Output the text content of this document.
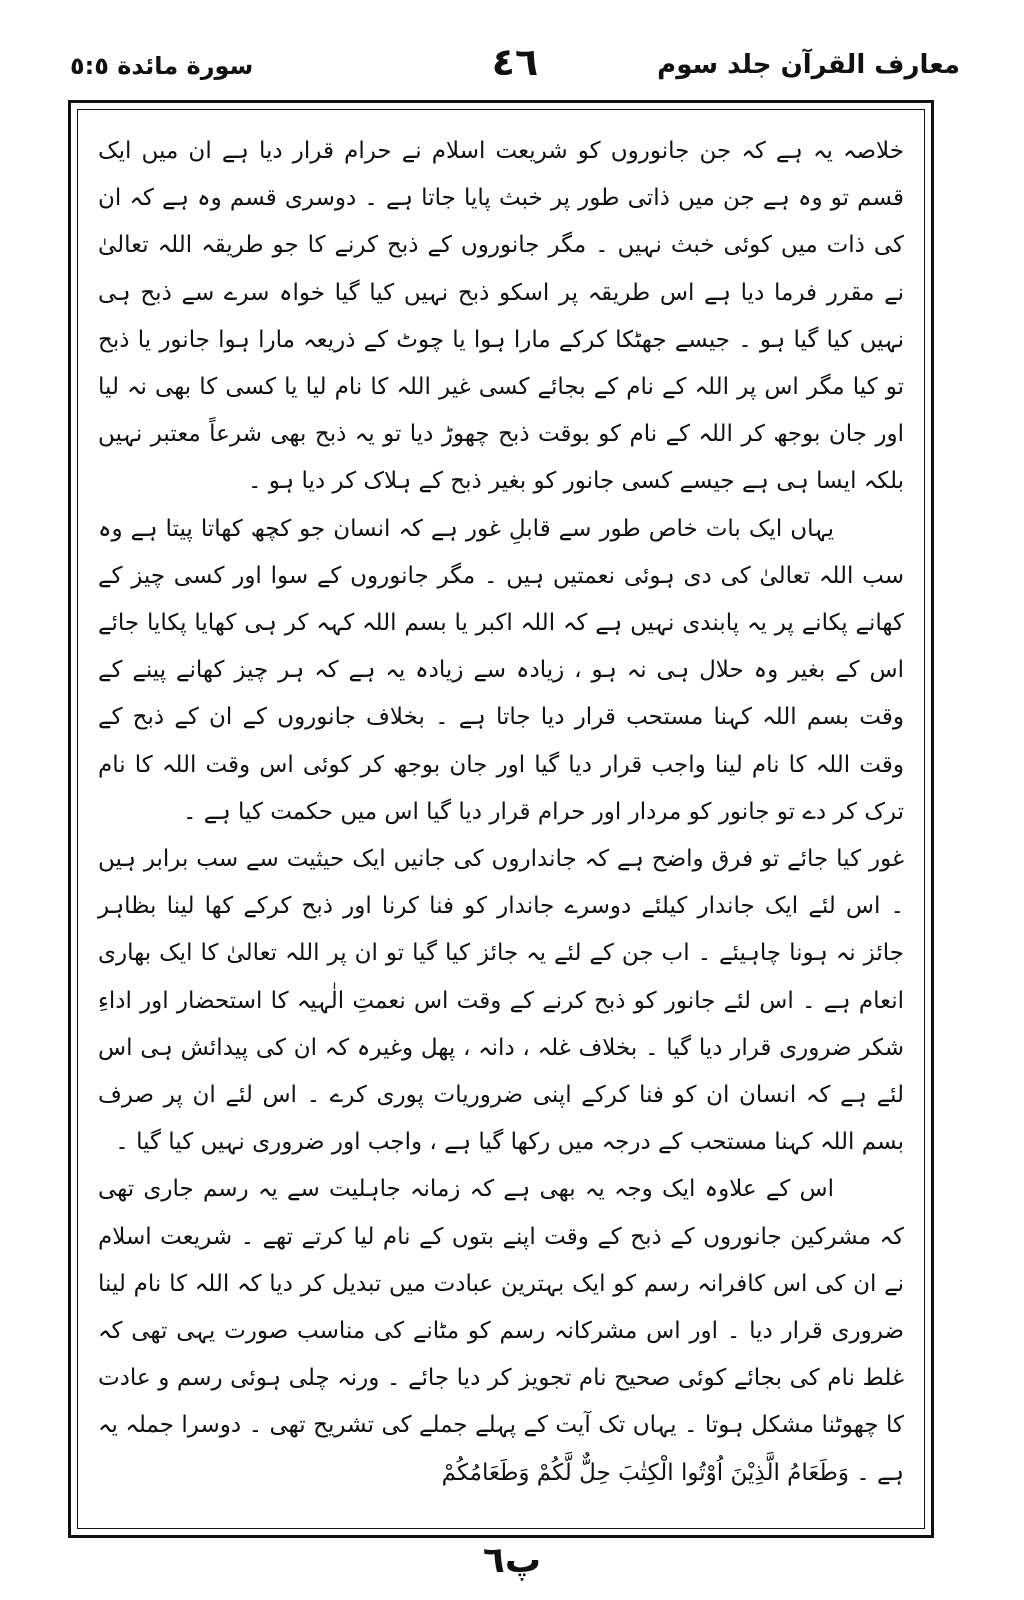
معارف القرآن جلد سوم
٤٦
سورة مائدة ٥:٥

خلاصہ یہ ہے کہ جن جانوروں کو شریعت اسلام نے حرام قرار دیا ہے ان میں ایک قسم تو وہ ہے جن میں ذاتی طور پر خبث پایا جاتا ہے ۔ دوسری قسم وہ ہے کہ ان کی ذات میں کوئی خبث نہیں ۔ مگر جانوروں کے ذبح کرنے کا جو طریقہ اللہ تعالیٰ نے مقرر فرما دیا ہے اس طریقہ پر اسکو ذبح نہیں کیا گیا خواہ سرے سے ذبح ہی نہیں کیا گیا ہو ۔ جیسے جھٹکا کرکے مارا ہوا یا چوٹ کے ذریعہ مارا ہوا جانور یا ذبح تو کیا مگر اس پر اللہ کے نام کے بجائے کسی غیر اللہ کا نام لیا یا کسی کا بھی نہ لیا اور جان بوجھ کر اللہ کے نام کو بوقت ذبح چھوڑ دیا تو یہ ذبح بھی شرعاً معتبر نہیں بلکہ ایسا ہی ہے جیسے کسی جانور کو بغیر ذبح کے ہلاک کر دیا ہو ۔

یہاں ایک بات خاص طور سے قابلِ غور ہے کہ انسان جو کچھ کھاتا پیتا ہے وہ سب اللہ تعالیٰ کی دی ہوئی نعمتیں ہیں ۔ مگر جانوروں کے سوا اور کسی چیز کے کھانے پکانے پر یہ پابندی نہیں ہے کہ اللہ اکبر یا بسم اللہ کہہ کر ہی کھایا پکایا جائے اس کے بغیر وہ حلال ہی نہ ہو ، زیادہ سے زیادہ یہ ہے کہ ہر چیز کھانے پینے کے وقت بسم اللہ کہنا مستحب قرار دیا جاتا ہے ۔ بخلاف جانوروں کے ان کے ذبح کے وقت اللہ کا نام لینا واجب قرار دیا گیا اور جان بوجھ کر کوئی اس وقت اللہ کا نام ترک کر دے تو جانور کو مردار اور حرام قرار دیا گیا اس میں حکمت کیا ہے ۔

غور کیا جائے تو فرق واضح ہے کہ جانداروں کی جانیں ایک حیثیت سے سب برابر ہیں ۔ اس لئے ایک جاندار کیلئے دوسرے جاندار کو فنا کرنا اور ذبح کرکے کھا لینا بظاہر جائز نہ ہونا چاہیئے ۔ اب جن کے لئے یہ جائز کیا گیا تو ان پر اللہ تعالیٰ کا ایک بھاری انعام ہے ۔ اس لئے جانور کو ذبح کرنے کے وقت اس نعمتِ الٰہیہ کا استحضار اور اداءِ شکر ضروری قرار دیا گیا ۔ بخلاف غلہ ، دانہ ، پھل وغیرہ کہ ان کی پیدائش ہی اس لئے ہے کہ انسان ان کو فنا کرکے اپنی ضروریات پوری کرے ۔ اس لئے ان پر صرف بسم اللہ کہنا مستحب کے درجہ میں رکھا گیا ہے ، واجب اور ضروری نہیں کیا گیا ۔

اس کے علاوہ ایک وجہ یہ بھی ہے کہ زمانہ جاہلیت سے یہ رسم جاری تھی کہ مشرکین جانوروں کے ذبح کے وقت اپنے بتوں کے نام لیا کرتے تھے ۔ شریعت اسلام نے ان کی اس کافرانہ رسم کو ایک بہترین عبادت میں تبدیل کر دیا کہ اللہ کا نام لینا ضروری قرار دیا ۔ اور اس مشرکانہ رسم کو مٹانے کی مناسب صورت یہی تھی کہ غلط نام کی بجائے کوئی صحیح نام تجویز کر دیا جائے ۔ ورنہ چلی ہوئی رسم و عادت کا چھوٹنا مشکل ہوتا ۔ یہاں تک آیت کے پہلے جملے کی تشریح تھی ۔ دوسرا جملہ یہ ہے ۔ وَطَعَامُ الَّذِيْنَ اُوْتُوا الْكِتٰبَ حِلٌّ لَّكُمْ وَطَعَامُكُمْ

پ٦
